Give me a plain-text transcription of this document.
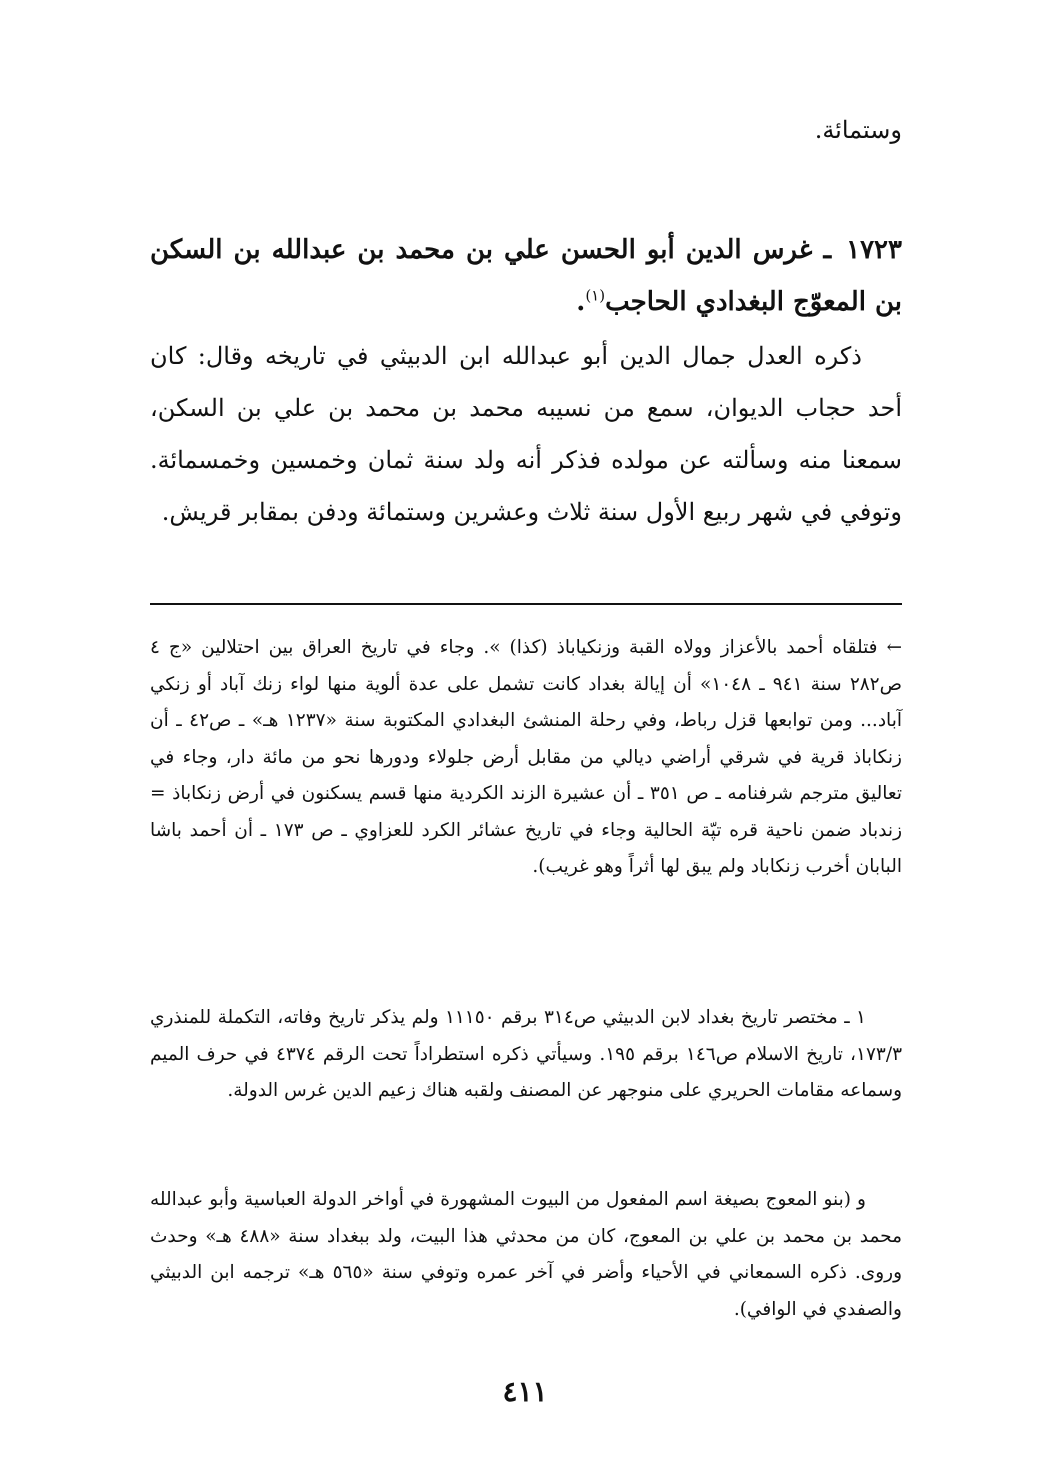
وستمائة.

١٧٢٣ ـ غرس الدين أبو الحسن علي بن محمد بن عبدالله بن السكن بن المعوّج البغدادي الحاجب$^{(١)}$.

ذكره العدل جمال الدين أبو عبدالله ابن الدبيثي في تاريخه وقال: كان أحد حجاب الديوان، سمع من نسيبه محمد بن محمد بن علي بن السكن، سمعنا منه وسألته عن مولده فذكر أنه ولد سنة ثمان وخمسين وخمسمائة. وتوفي في شهر ربيع الأول سنة ثلاث وعشرين وستمائة ودفن بمقابر قريش.

← فتلقاه أحمد بالأعزاز وولاه القبة وزنكياباذ (كذا) ». وجاء في تاريخ العراق بين احتلالين «ج ٤ ص٢٨٢ سنة ٩٤١ ـ ١٠٤٨» أن إيالة بغداد كانت تشمل على عدة ألوية منها لواء زنك آباد أو زنكي آباد... ومن توابعها قزل رباط، وفي رحلة المنشئ البغدادي المكتوبة سنة «١٢٣٧ هـ» ـ ص٤٢ ـ أن زنكاباذ قرية في شرقي أراضي ديالي من مقابل أرض جلولاء ودورها نحو من مائة دار، وجاء في تعاليق مترجم شرفنامه ـ ص ٣٥١ ـ أن عشيرة الزند الكردية منها قسم يسكنون في أرض زنكاباذ = زندباد ضمن ناحية قره تپّة الحالية وجاء في تاريخ عشائر الكرد للعزاوي ـ ص ١٧٣ ـ أن أحمد باشا البابان أخرب زنكاباد ولم يبق لها أثراً وهو غريب).

١ ـ مختصر تاريخ بغداد لابن الدبيثي ص٣١٤ برقم ١١١٥٠ ولم يذكر تاريخ وفاته، التكملة للمنذري ١٧٣/٣، تاريخ الاسلام ص١٤٦ برقم ١٩٥. وسيأتي ذكره استطراداً تحت الرقم ٤٣٧٤ في حرف الميم وسماعه مقامات الحريري على منوجهر عن المصنف ولقبه هناك زعيم الدين غرس الدولة.

و (بنو المعوج بصيغة اسم المفعول من البيوت المشهورة في أواخر الدولة العباسية وأبو عبدالله محمد بن محمد بن علي بن المعوج، كان من محدثي هذا البيت، ولد ببغداد سنة «٤٨٨ هـ» وحدث وروى. ذكره السمعاني في الأحياء وأضر في آخر عمره وتوفي سنة «٥٦٥ هـ» ترجمه ابن الدبيثي والصفدي في الوافي).

٤١١
